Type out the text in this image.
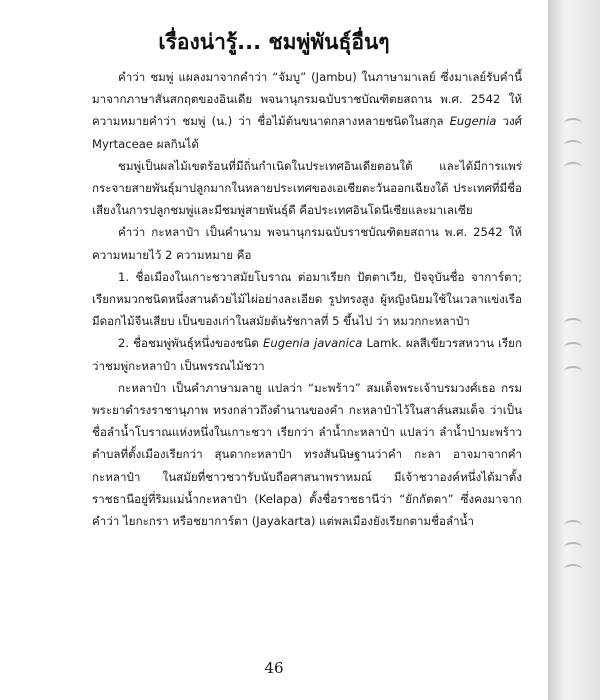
เรื่องน่ารู้... ชมพู่พันธุ์อื่นๆ

คำว่า ชมพู่ แผลงมาจากคำว่า “จัมบู” (Jambu) ในภาษามาเลย์ ซึ่งมาเลย์รับคำนี้มาจากภาษาสันสกฤตของอินเดีย พจนานุกรมฉบับราชบัณฑิตยสถาน พ.ศ. 2542 ให้ความหมายคำว่า ชมพู่ (น.) ว่า ชื่อไม้ต้นขนาดกลางหลายชนิดในสกุล Eugenia วงศ์ Myrtaceae ผลกินได้

ชมพู่เป็นผลไม้เขตร้อนที่มีถิ่นกำเนิดในประเทศอินเดียตอนใต้ และได้มีการแพร่กระจายสายพันธุ์มาปลูกมากในหลายประเทศของเอเชียตะวันออกเฉียงใต้ ประเทศที่มีชื่อเสียงในการปลูกชมพู่และมีชมพู่สายพันธุ์ดี คือประเทศอินโดนีเซียและมาเลเซีย

คำว่า กะหลาป๋า เป็นคำนาม พจนานุกรมฉบับราชบัณฑิตยสถาน พ.ศ. 2542 ให้ความหมายไว้ 2 ความหมาย คือ

1. ชื่อเมืองในเกาะชวาสมัยโบราณ ต่อมาเรียก ปัตตาเวีย, ปัจจุบันชื่อ จาการ์ตา; เรียกหมวกชนิดหนึ่งสานด้วยไม้ไผ่อย่างละเอียด รูปทรงสูง ผู้หญิงนิยมใช้ในเวลาแข่งเรือ มีดอกไม้จีนเสียบ เป็นของเก่าในสมัยต้นรัชกาลที่ 5 ขึ้นไป ว่า หมวกกะหลาป๋า

2. ชื่อชมพู่พันธุ์หนึ่งของชนิด Eugenia javanica Lamk. ผลสีเขียวรสหวาน เรียกว่าชมพู่กะหลาป๋า เป็นพรรณไม้ชวา

กะหลาป๋า เป็นคำภาษามลายู แปลว่า “มะพร้าว” สมเด็จพระเจ้าบรมวงศ์เธอ กรมพระยาดำรงราชานุภาพ ทรงกล่าวถึงตำนานของคำ กะหลาป๋าไว้ในสาส์นสมเด็จ ว่าเป็นชื่อลำน้ำโบราณแห่งหนึ่งในเกาะชวา เรียกว่า ลำน้ำกะหลาป๋า แปลว่า ลำน้ำป่ามะพร้าว ตำบลที่ตั้งเมืองเรียกว่า สุนดากะหลาป๋า ทรงสันนิษฐานว่าคำ กะลา อาจมาจากคำ กะหลาป๋า ในสมัยที่ชาวชวารับนับถือศาสนาพราหมณ์ มีเจ้าชวาองค์หนึ่งได้มาตั้งราชธานีอยู่ที่ริมแม่น้ำกะหลาป๋า (Kelapa) ตั้งชื่อราชธานีว่า “ยักกัตตา” ซึ่งคงมาจากคำว่า ไยกะกรา หรือชยาการ์ตา (Jayakarta) แต่พลเมืองยังเรียกตามชื่อลำน้ำ

46
